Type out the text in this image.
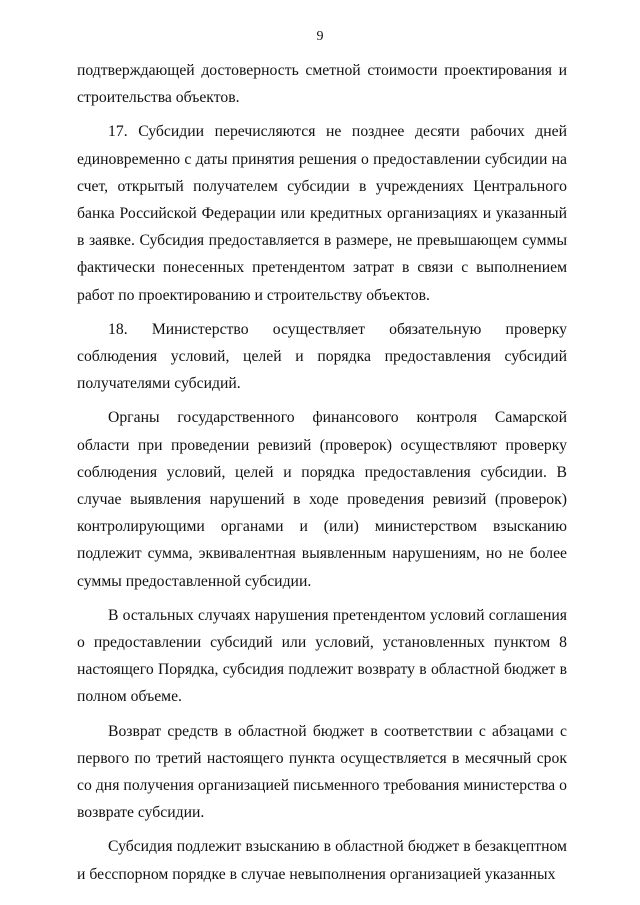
9

подтверждающей достоверность сметной стоимости проектирования и строительства объектов.

17. Субсидии перечисляются не позднее десяти рабочих дней единовременно с даты принятия решения о предоставлении субсидии на счет, открытый получателем субсидии в учреждениях Центрального банка Российской Федерации или кредитных организациях и указанный в заявке. Субсидия предоставляется в размере, не превышающем суммы фактически понесенных претендентом затрат в связи с выполнением работ по проектированию и строительству объектов.

18. Министерство осуществляет обязательную проверку соблюдения условий, целей и порядка предоставления субсидий получателями субсидий.

Органы государственного финансового контроля Самарской области при проведении ревизий (проверок) осуществляют проверку соблюдения условий, целей и порядка предоставления субсидии. В случае выявления нарушений в ходе проведения ревизий (проверок) контролирующими органами и (или) министерством взысканию подлежит сумма, эквивалентная выявленным нарушениям, но не более суммы предоставленной субсидии.

В остальных случаях нарушения претендентом условий соглашения о предоставлении субсидий или условий, установленных пунктом 8 настоящего Порядка, субсидия подлежит возврату в областной бюджет в полном объеме.

Возврат средств в областной бюджет в соответствии с абзацами с первого по третий настоящего пункта осуществляется в месячный срок со дня получения организацией письменного требования министерства о возврате субсидии.

Субсидия подлежит взысканию в областной бюджет в безакцептном и бесспорном порядке в случае невыполнения организацией указанных
